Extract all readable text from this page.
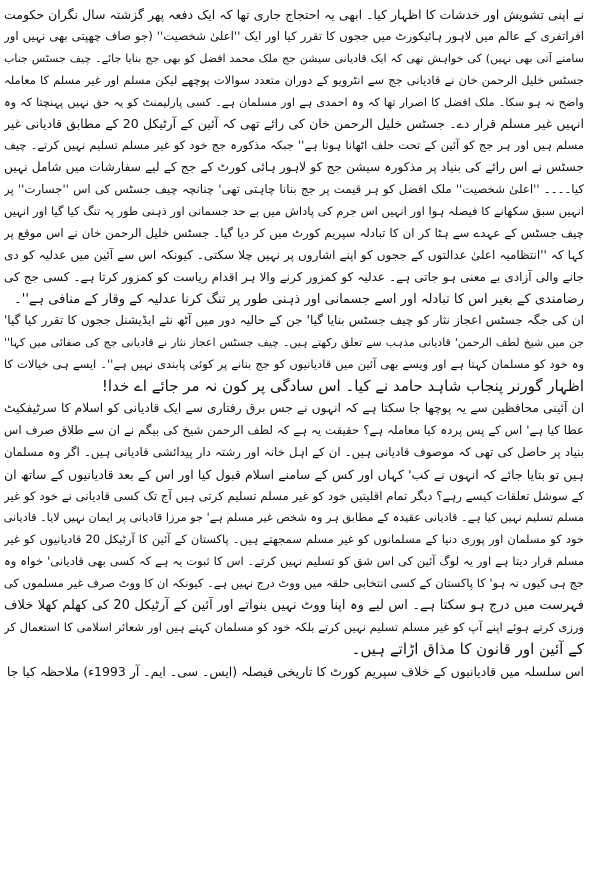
نے اپنی تشویش اور خدشات کا اظہار کیا۔ ابھی یہ احتجاج جاری تھا کہ ایک دفعہ پھر گزشتہ سال نگران حکومت
افراتفری کے عالم میں لاہور ہائیکورٹ میں ججوں کا تقرر کیا اور ایک ''اعلیٰ شخصیت'' (جو صاف چھپتی بھی نہیں اور
سامنے آتی بھی نہیں) کی خواہش تھی کہ ایک قادیانی سیشن جج ملک محمد افضل کو بھی جج بنایا جائے۔ چیف جسٹس جناب
جسٹس خلیل الرحمن خان نے قادیانی جج سے انٹرویو کے دوران متعدد سوالات پوچھے لیکن مسلم اور غیر مسلم کا معاملہ
واضح نہ ہو سکا۔ ملک افضل کا اصرار تھا کہ وہ احمدی ہے اور مسلمان ہے۔ کسی پارلیمنٹ کو یہ حق نہیں پہنچتا کہ وہ
انہیں غیر مسلم قرار دے۔ جسٹس خلیل الرحمن خان کی رائے تھی کہ آئین کے آرٹیکل 20 کے مطابق قادیانی غیر
مسلم ہیں اور ہر جج کو آئین کے تحت حلف اٹھانا ہوتا ہے'' جبکہ مذکورہ جج خود کو غیر مسلم تسلیم نہیں کرتے۔ چیف
جسٹس نے اس رائے کی بنیاد پر مذکورہ سیشن جج کو لاہور ہائی کورٹ کے جج کے لیے سفارشات میں شامل نہیں
کیا۔۔۔۔ ''اعلیٰ شخصیت'' ملک افضل کو ہر قیمت پر جج بنانا چاہتی تھی' چنانچہ چیف جسٹس کی اس ''جسارت'' پر
انہیں سبق سکھانے کا فیصلہ ہوا اور انہیں اس جرم کی پاداش میں بے حد جسمانی اور ذہنی طور پہ تنگ کیا گیا اور انہیں
چیف جسٹس کے عہدے سے ہٹا کر ان کا تبادلہ سپریم کورٹ میں کر دیا گیا۔ جسٹس خلیل الرحمن خان نے اس موقع پر
کہا کہ ''انتظامیہ اعلیٰ عدالتوں کے ججوں کو اپنے اشاروں پر نہیں چلا سکتی۔ کیونکہ اس سے آئین میں عدلیہ کو دی
جانے والی آزادی بے معنی ہو جاتی ہے۔ عدلیہ کو کمزور کرنے والا ہر اقدام ریاست کو کمزور کرتا ہے۔ کسی جج کی
رضامندی کے بغیر اس کا تبادلہ اور اسے جسمانی اور ذہنی طور پر تنگ کرنا عدلیہ کے وقار کے منافی ہے''۔
ان کی جگہ جسٹس اعجاز نثار کو چیف جسٹس بنایا گیا' جن کے حالیہ دور میں آٹھ نئے ایڈیشنل ججوں کا تقرر کیا گیا'
جن میں شیخ لطف الرحمن' قادیانی مذہب سے تعلق رکھتے ہیں۔ چیف جسٹس اعجاز نثار نے قادیانی جج کی صفائی میں کہا''
وہ خود کو مسلمان کہتا ہے اور ویسے بھی آئین میں قادیانیوں کو جج بنانے پر کوئی پابندی نہیں ہے''۔ ایسے ہی خیالات کا
اظہار گورنر پنجاب شاہد حامد نے کیا۔ اس سادگی پر کون نہ مر جائے اے خدا!
ان آئینی محافظین سے یہ پوچھا جا سکتا ہے کہ انہوں نے جس برق رفتاری سے ایک قادیانی کو اسلام کا سرٹیفکیٹ
عطا کیا ہے' اس کے پس پردہ کیا معاملہ ہے؟ حقیقت یہ ہے کہ لطف الرحمن شیخ کی بیگم نے ان سے طلاق صرف اس
بنیاد پر حاصل کی تھی کہ موصوف قادیانی ہیں۔ ان کے اہل خانہ اور رشتہ دار پیدائشی قادیانی ہیں۔ اگر وہ مسلمان
ہیں تو بتایا جائے کہ انہوں نے کب' کہاں اور کس کے سامنے اسلام قبول کیا اور اس کے بعد قادیانیوں کے ساتھ ان
کے سوشل تعلقات کیسے رہے؟ دیگر تمام اقلیتیں خود کو غیر مسلم تسلیم کرتی ہیں آج تک کسی قادیانی نے خود کو غیر
مسلم تسلیم نہیں کیا ہے۔ قادیانی عقیدہ کے مطابق ہر وہ شخص غیر مسلم ہے' جو مرزا قادیانی پر ایمان نہیں لایا۔ قادیانی
خود کو مسلمان اور پوری دنیا کے مسلمانوں کو غیر مسلم سمجھتے ہیں۔ پاکستان کے آئین کا آرٹیکل 20 قادیانیوں کو غیر
مسلم قرار دیتا ہے اور یہ لوگ آئین کی اس شق کو تسلیم نہیں کرتے۔ اس کا ثبوت یہ ہے کہ کسی بھی قادیانی' خواہ وہ
جج ہی کیوں نہ ہو' کا پاکستان کے کسی انتخابی حلقہ میں ووٹ درج نہیں ہے۔ کیونکہ ان کا ووٹ صرف غیر مسلموں کی
فہرست میں درج ہو سکتا ہے۔ اس لیے وہ اپنا ووٹ نہیں بنواتے اور آئین کے آرٹیکل 20 کی کھلم کھلا خلاف
ورزی کرتے ہوئے اپنے آپ کو غیر مسلم تسلیم نہیں کرتے بلکہ خود کو مسلمان کہتے ہیں اور شعائر اسلامی کا استعمال کر
کے آئین اور قانون کا مذاق اڑاتے ہیں۔
اس سلسلہ میں قادیانیوں کے خلاف سپریم کورٹ کا تاریخی فیصلہ (ایس۔ سی۔ ایم۔ آر 1993ء) ملاحظہ کیا جا
